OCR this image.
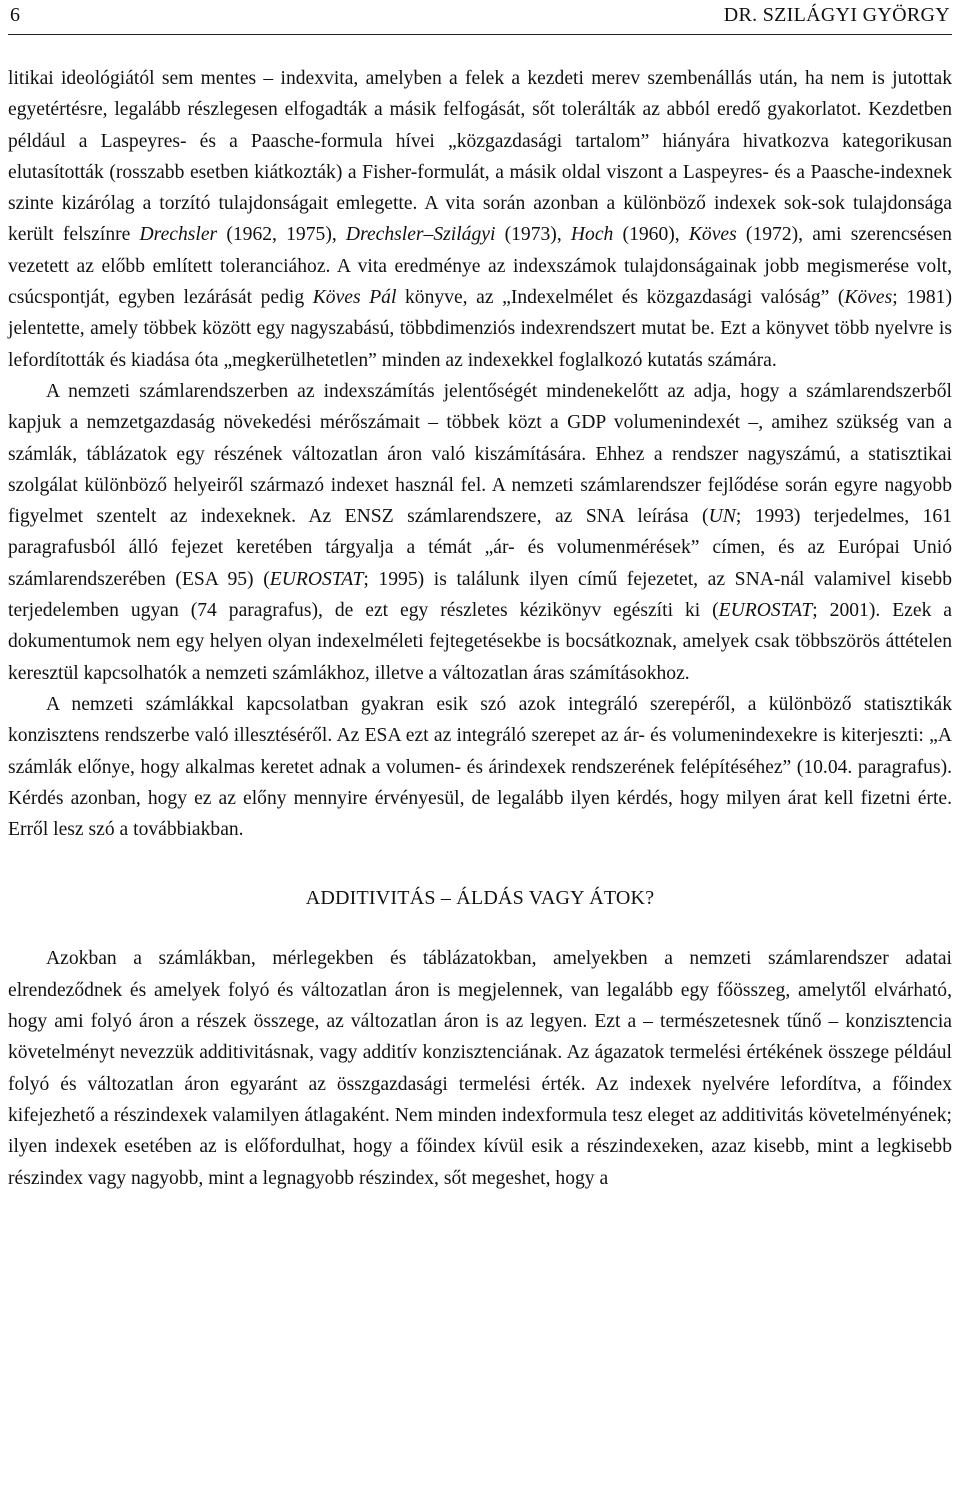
6	DR. SZILÁGYI GYÖRGY

litikai ideológiától sem mentes – indexvita, amelyben a felek a kezdeti merev szembenállás után, ha nem is jutottak egyetértésre, legalább részlegesen elfogadták a másik felfogását, sőt tolerálták az abból eredő gyakorlatot. Kezdetben például a Laspeyres- és a Paasche-formula hívei „közgazdasági tartalom” hiányára hivatkozva kategorikusan elutasították (rosszabb esetben kiátkozták) a Fisher-formulát, a másik oldal viszont a Laspeyres- és a Paasche-indexnek szinte kizárólag a torzító tulajdonságait emlegette. A vita során azonban a különböző indexek sok-sok tulajdonsága került felszínre Drechsler (1962, 1975), Drechsler–Szilágyi (1973), Hoch (1960), Köves (1972), ami szerencsésen vezetett az előbb említett toleranciához. A vita eredménye az indexszámok tulajdonságainak jobb megismerése volt, csúcspontját, egyben lezárását pedig Köves Pál könyve, az „Indexelmélet és közgazdasági valóság” (Köves; 1981) jelentette, amely többek között egy nagyszabású, többdimenziós indexrendszert mutat be. Ezt a könyvet több nyelvre is lefordították és kiadása óta „megkerülhetetlen” minden az indexekkel foglalkozó kutatás számára.

A nemzeti számlarendszerben az indexszámítás jelentőségét mindenekelőtt az adja, hogy a számlarendszerből kapjuk a nemzetgazdaság növekedési mérőszámait – többek közt a GDP volumenindexét –, amihez szükség van a számlák, táblázatok egy részének változatlan áron való kiszámítására. Ehhez a rendszer nagyszámú, a statisztikai szolgálat különböző helyeiről származó indexet használ fel. A nemzeti számlarendszer fejlődése során egyre nagyobb figyelmet szentelt az indexeknek. Az ENSZ számlarendszere, az SNA leírása (UN; 1993) terjedelmes, 161 paragrafusból álló fejezet keretében tárgyalja a témát „ár- és volumenmérések” címen, és az Európai Unió számlarendszerében (ESA 95) (EUROSTAT; 1995) is találunk ilyen című fejezetet, az SNA-nál valamivel kisebb terjedelemben ugyan (74 paragrafus), de ezt egy részletes kézikönyv egészíti ki (EUROSTAT; 2001). Ezek a dokumentumok nem egy helyen olyan indexelméleti fejtegetésekbe is bocsátkoznak, amelyek csak többszörös áttételen keresztül kapcsolhatók a nemzeti számlákhoz, illetve a változatlan áras számításokhoz.

A nemzeti számlákkal kapcsolatban gyakran esik szó azok integráló szerepéről, a különböző statisztikák konzisztens rendszerbe való illesztéséről. Az ESA ezt az integráló szerepet az ár- és volumenindexekre is kiterjeszti: „A számlák előnye, hogy alkalmas keretet adnak a volumen- és árindexek rendszerének felépítéséhez” (10.04. paragrafus). Kérdés azonban, hogy ez az előny mennyire érvényesül, de legalább ilyen kérdés, hogy milyen árat kell fizetni érte. Erről lesz szó a továbbiakban.

ADDITIVITÁS – ÁLDÁS VAGY ÁTOK?

Azokban a számlákban, mérlegekben és táblázatokban, amelyekben a nemzeti számlarendszer adatai elrendeződnek és amelyek folyó és változatlan áron is megjelennek, van legalább egy főösszeg, amelytől elvárható, hogy ami folyó áron a részek összege, az változatlan áron is az legyen. Ezt a – természetesnek tűnő – konzisztencia követelményt nevezzük additivitásnak, vagy additív konzisztenciának. Az ágazatok termelési értékének összege például folyó és változatlan áron egyaránt az összgazdasági termelési érték. Az indexek nyelvére lefordítva, a főindex kifejezhető a részindexek valamilyen átlagaként. Nem minden indexformula tesz eleget az additivitás követelményének; ilyen indexek esetében az is előfordulhat, hogy a főindex kívül esik a részindexeken, azaz kisebb, mint a legkisebb részindex vagy nagyobb, mint a legnagyobb részindex, sőt megeshet, hogy a
